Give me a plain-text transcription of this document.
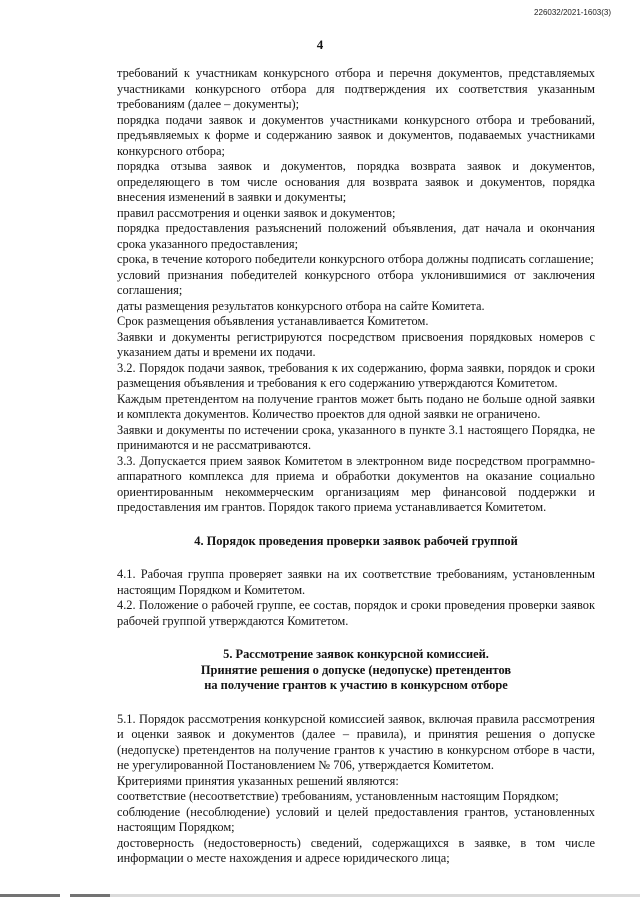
226032/2021-1603(3)
4

требований к участникам конкурсного отбора и перечня документов, представляемых участниками конкурсного отбора для подтверждения их соответствия указанным требованиям (далее – документы);

порядка подачи заявок и документов участниками конкурсного отбора и требований, предъявляемых к форме и содержанию заявок и документов, подаваемых участниками конкурсного отбора;

порядка отзыва заявок и документов, порядка возврата заявок и документов, определяющего в том числе основания для возврата заявок и документов, порядка внесения изменений в заявки и документы;

правил рассмотрения и оценки заявок и документов;

порядка предоставления разъяснений положений объявления, дат начала и окончания срока указанного предоставления;

срока, в течение которого победители конкурсного отбора должны подписать соглашение;

условий признания победителей конкурсного отбора уклонившимися от заключения соглашения;

даты размещения результатов конкурсного отбора на сайте Комитета.

Срок размещения объявления устанавливается Комитетом.

Заявки и документы регистрируются посредством присвоения порядковых номеров с указанием даты и времени их подачи.

3.2. Порядок подачи заявок, требования к их содержанию, форма заявки, порядок и сроки размещения объявления и требования к его содержанию утверждаются Комитетом.

Каждым претендентом на получение грантов может быть подано не больше одной заявки и комплекта документов. Количество проектов для одной заявки не ограничено.

Заявки и документы по истечении срока, указанного в пункте 3.1 настоящего Порядка, не принимаются и не рассматриваются.

3.3. Допускается прием заявок Комитетом в электронном виде посредством программно-аппаратного комплекса для приема и обработки документов на оказание социально ориентированным некоммерческим организациям мер финансовой поддержки и предоставления им грантов. Порядок такого приема устанавливается Комитетом.

4. Порядок проведения проверки заявок рабочей группой

4.1. Рабочая группа проверяет заявки на их соответствие требованиям, установленным настоящим Порядком и Комитетом.

4.2. Положение о рабочей группе, ее состав, порядок и сроки проведения проверки заявок рабочей группой утверждаются Комитетом.

5. Рассмотрение заявок конкурсной комиссией.
Принятие решения о допуске (недопуске) претендентов
на получение грантов к участию в конкурсном отборе

5.1. Порядок рассмотрения конкурсной комиссией заявок, включая правила рассмотрения и оценки заявок и документов (далее – правила), и принятия решения о допуске (недопуске) претендентов на получение грантов к участию в конкурсном отборе в части, не урегулированной Постановлением № 706, утверждается Комитетом.

Критериями принятия указанных решений являются:

соответствие (несоответствие) требованиям, установленным настоящим Порядком;

соблюдение (несоблюдение) условий и целей предоставления грантов, установленных настоящим Порядком;

достоверность (недостоверность) сведений, содержащихся в заявке, в том числе информации о месте нахождения и адресе юридического лица;
